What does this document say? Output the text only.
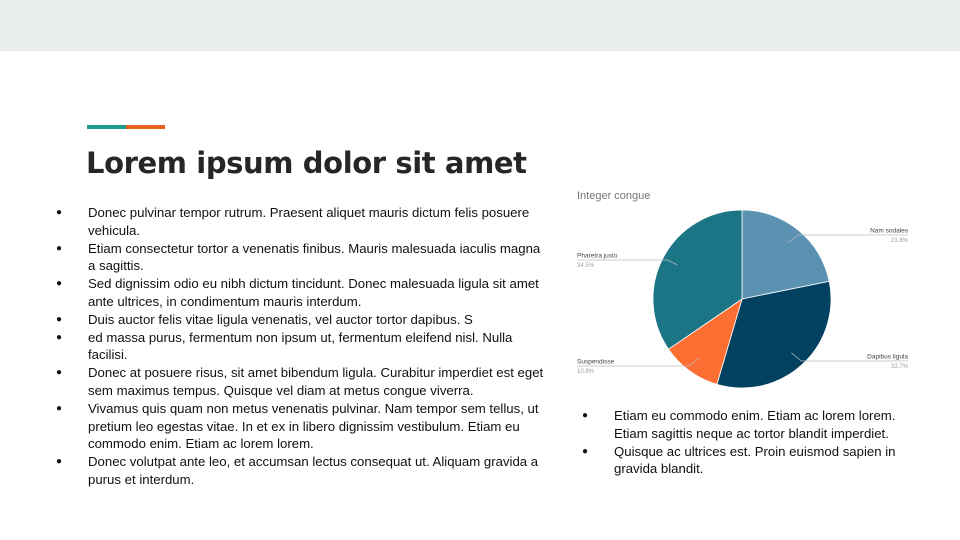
Lorem ipsum dolor sit amet
● Donec pulvinar tempor rutrum. Praesent aliquet mauris dictum felis posuere vehicula.
● Etiam consectetur tortor a venenatis finibus. Mauris malesuada iaculis magna a sagittis.
● Sed dignissim odio eu nibh dictum tincidunt. Donec malesuada ligula sit amet ante ultrices, in condimentum mauris interdum.
● Duis auctor felis vitae ligula venenatis, vel auctor tortor dapibus. S
● ed massa purus, fermentum non ipsum ut, fermentum eleifend nisl. Nulla facilisi.
● Donec at posuere risus, sit amet bibendum ligula. Curabitur imperdiet est eget sem maximus tempus. Quisque vel diam at metus congue viverra.
● Vivamus quis quam non metus venenatis pulvinar. Nam tempor sem tellus, ut pretium leo egestas vitae. In et ex in libero dignissim vestibulum. Etiam eu commodo enim. Etiam ac lorem lorem.
● Donec volutpat ante leo, et accumsan lectus consequat ut. Aliquam gravida a purus et interdum.
Integer congue
Nam sodales
21.8%
Dapibus ligula
32.7%
Suspendisse
10.9%
Pharetra justo
34.5%
● Etiam eu commodo enim. Etiam ac lorem lorem. Etiam sagittis neque ac tortor blandit imperdiet.
● Quisque ac ultrices est. Proin euismod sapien in gravida blandit.
